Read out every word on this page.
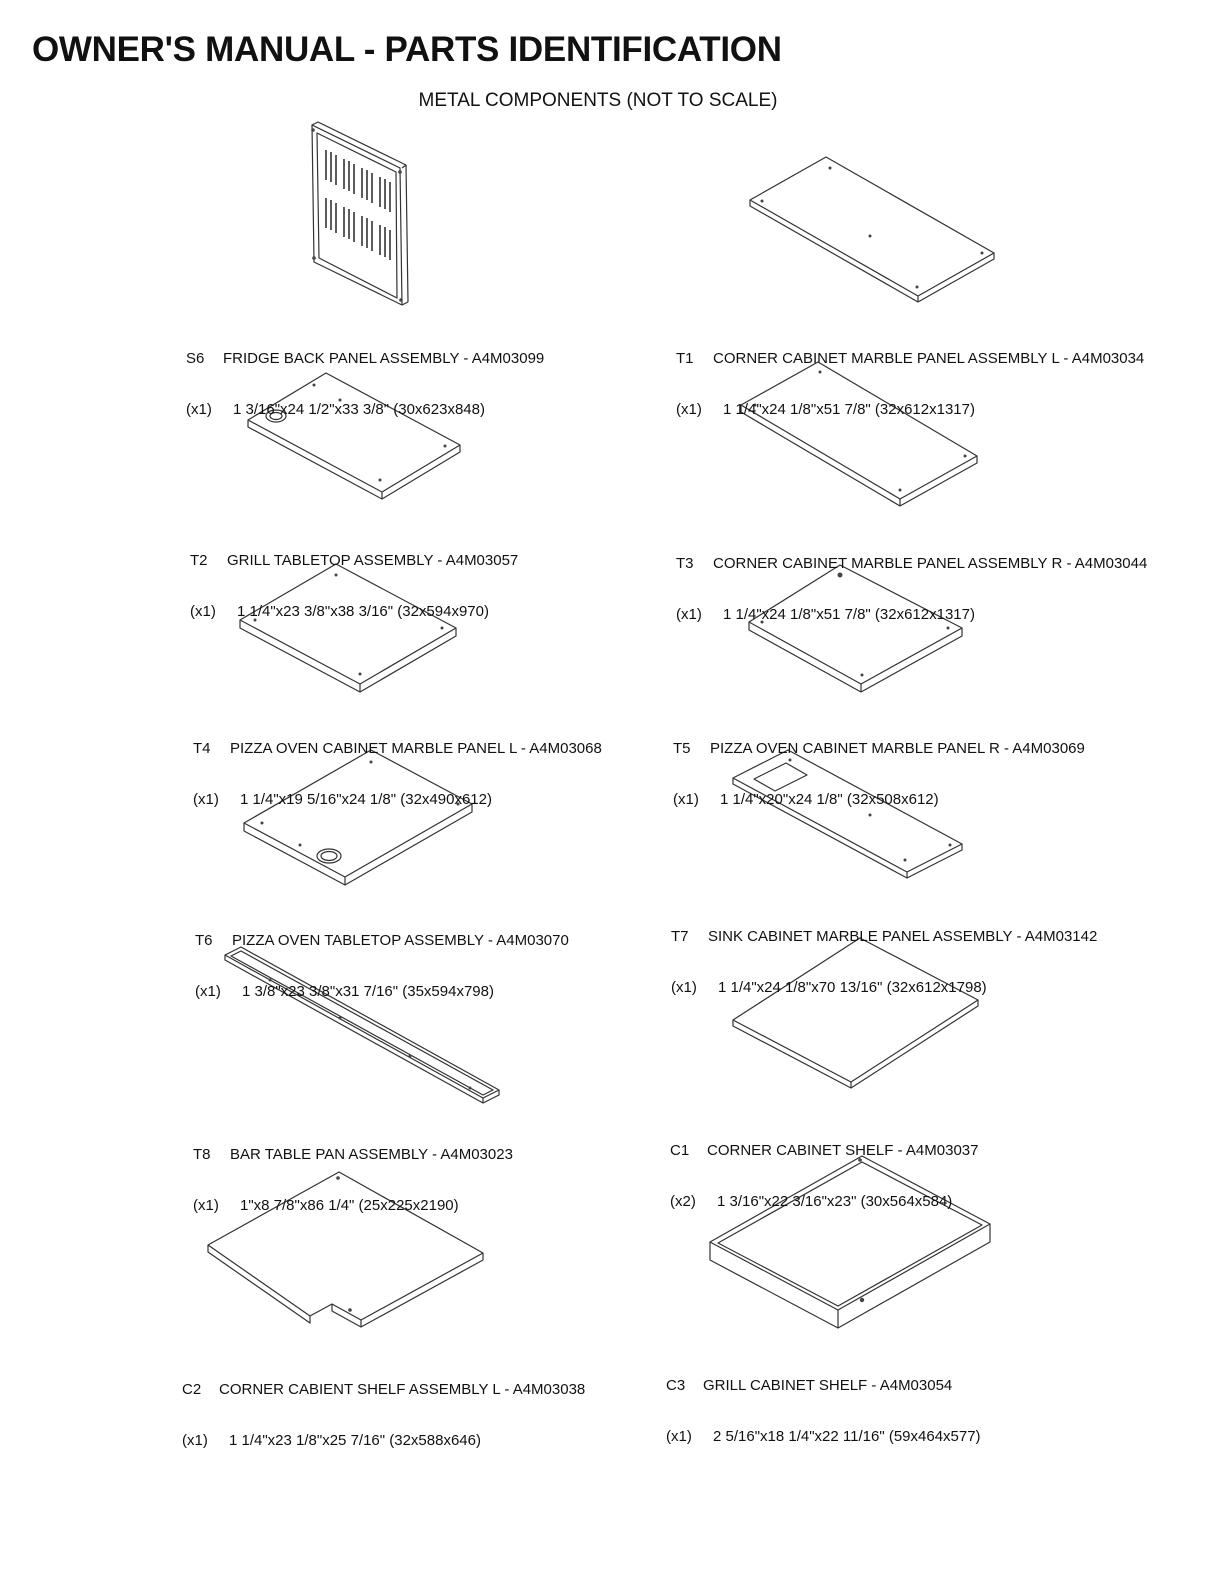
OWNER'S MANUAL - PARTS IDENTIFICATION
METAL COMPONENTS (NOT TO SCALE)

S6 FRIDGE BACK PANEL ASSEMBLY - A4M03099

(x1) 1 3/16"x24 1/2"x33 3/8" (30x623x848)

T1 CORNER CABINET MARBLE PANEL ASSEMBLY L - A4M03034

(x1) 1 1/4"x24 1/8"x51 7/8" (32x612x1317)

T2 GRILL TABLETOP ASSEMBLY - A4M03057

(x1) 1 1/4"x23 3/8"x38 3/16" (32x594x970)

T3 CORNER CABINET MARBLE PANEL ASSEMBLY R - A4M03044

(x1) 1 1/4"x24 1/8"x51 7/8" (32x612x1317)

T4 PIZZA OVEN CABINET MARBLE PANEL L - A4M03068

(x1) 1 1/4"x19 5/16"x24 1/8" (32x490x612)

T5 PIZZA OVEN CABINET MARBLE PANEL R - A4M03069

(x1) 1 1/4"x20"x24 1/8" (32x508x612)

T6 PIZZA OVEN TABLETOP ASSEMBLY - A4M03070

(x1) 1 3/8"x23 3/8"x31 7/16" (35x594x798)

T7 SINK CABINET MARBLE PANEL ASSEMBLY - A4M03142

(x1) 1 1/4"x24 1/8"x70 13/16" (32x612x1798)

T8 BAR TABLE PAN ASSEMBLY - A4M03023

(x1) 1"x8 7/8"x86 1/4" (25x225x2190)

C1 CORNER CABINET SHELF - A4M03037

(x2) 1 3/16"x22 3/16"x23" (30x564x584)

C2 CORNER CABIENT SHELF ASSEMBLY L - A4M03038

(x1) 1 1/4"x23 1/8"x25 7/16" (32x588x646)

C3 GRILL CABINET SHELF - A4M03054

(x1) 2 5/16"x18 1/4"x22 11/16" (59x464x577)
